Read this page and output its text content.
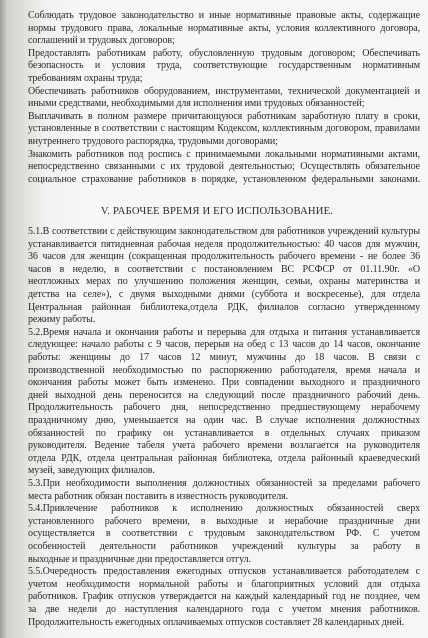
Соблюдать трудовое законодательство и иные нормативные правовые акты, содержащие
нормы трудового права, локальные нормативные акты, условия коллективного договора,
соглашений и трудовых договоров;
Предоставлять работникам работу, обусловленную трудовым договором; Обеспечивать
безопасность и условия труда, соответствующие государственным нормативным
требованиям охраны труда;
Обеспечивать работников оборудованием, инструментами, технической документацией и
иными средствами, необходимыми для исполнения ими трудовых обязанностей;
Выплачивать в полном размере причитающуюся работникам заработную плату в сроки,
установленные в соответствии с настоящим Кодексом, коллективным договором, правилами
внутреннего трудового распорядка, трудовыми договорами;
Знакомить работников под роспись с принимаемыми локальными нормативными актами,
непосредственно связанными с их трудовой деятельностью; Осуществлять обязательное
социальное страхование работников в порядке, установленном федеральными законами.
V. РАБОЧЕЕ ВРЕМЯ И ЕГО ИСПОЛЬЗОВАНИЕ.
5.1.В соответствии с действующим законодательством для работников учреждений культуры
устанавливается пятидневная рабочая неделя продолжительностью: 40 часов для мужчин,
36 часов для женщин (сокращенная продолжительность рабочего времени - не более 36
часов в неделю, в соответствии с постановлением ВС РСФСР от 01.11.90г. «О
неотложных мерах по улучшению положения женщин, семьи, охраны материнства и
детства на селе»), с двумя выходными днями (суббота и воскресенье), для отдела
Центральная районная библиотека,отдела РДК, филиалов согласно утвержденному
режиму работы.
5.2.Время начала и окончания работы и перерыва для отдыха и питания устанавливается
следующее: начало работы с 9 часов, перерыв на обед с 13 часов до 14 часов, окончание
работы: женщины до 17 часов 12 минут, мужчины до 18 часов. В связи с
производственной необходимостью по распоряжению работодателя, время начала и
окончания работы может быть изменено. При совпадении выходного и праздничного
дней выходной день переносится на следующий после праздничного рабочий день.
Продолжительность рабочего дня, непосредственно предшествующему нерабочему
праздничному дню, уменьшается на один час. В случае исполнения должностных
обязанностей по графику он устанавливается в отдельных случаях приказом
руководителя. Ведение табеля учета рабочего времени возлагается на руководителя
отдела РДК, отдела центральная районная библиотека, отдела районный краеведческий
музей, заведующих филиалов.
5.3.При необходимости выполнения должностных обязанностей за пределами рабочего
места работник обязан поставить в известность руководителя.
5.4.Привлечение работников к исполнению должностных обязанностей сверх
установленного рабочего времени, в выходные и нерабочие праздничные дни
осуществляется в соответствии с трудовым законодательством РФ. С учетом
особенностей деятельности работников учреждений культуры за работу в
выходные и праздничные дни предоставляется отгул.
5.5.Очередность предоставления ежегодных отпусков устанавливается работодателем с
учетом необходимости нормальной работы и благоприятных условий для отдыха
работников. График отпусков утверждается на каждый календарный год не позднее, чем
за две недели до наступления календарного года с учетом мнения работников.
Продолжительность ежегодных оплачиваемых отпусков составляет 28 календарных дней.
